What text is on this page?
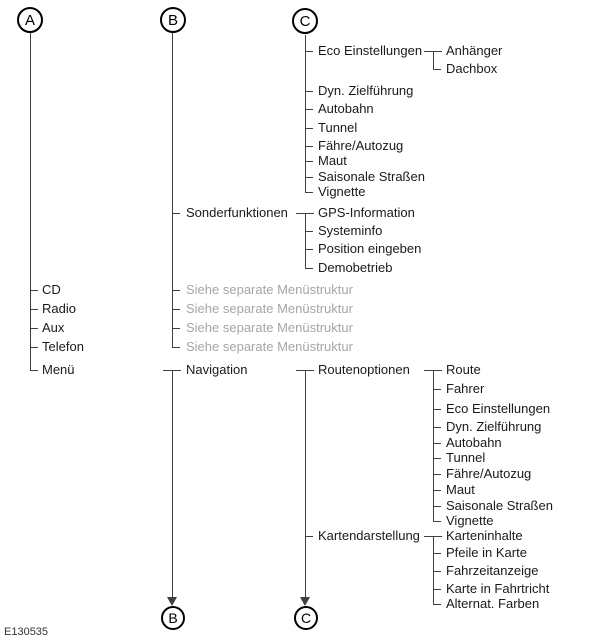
A	B	C
B	C
CD
Radio
Aux
Telefon
Menü
Sonderfunktionen
Siehe separate Menüstruktur
Siehe separate Menüstruktur
Siehe separate Menüstruktur
Siehe separate Menüstruktur
Navigation
Eco Einstellungen
Dyn. Zielführung
Autobahn
Tunnel
Fähre/Autozug
Maut
Saisonale Straßen
Vignette
GPS-Information
Systeminfo
Position eingeben
Demobetrieb
Routenoptionen
Kartendarstellung
Anhänger
Dachbox
Route
Fahrer
Eco Einstellungen
Dyn. Zielführung
Autobahn
Tunnel
Fähre/Autozug
Maut
Saisonale Straßen
Vignette
Karteninhalte
Pfeile in Karte
Fahrzeitanzeige
Karte in Fahrtricht
Alternat. Farben
E130535
